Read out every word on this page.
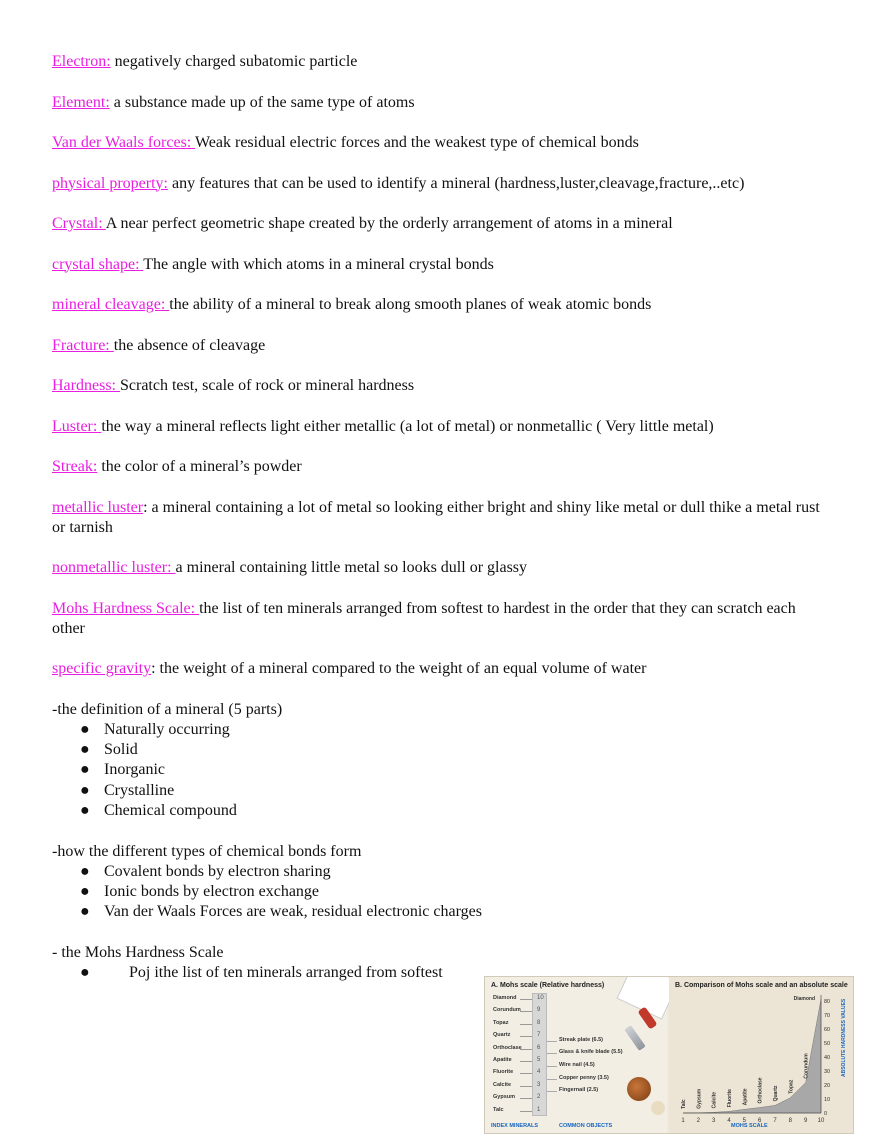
Electron: negatively charged subatomic particle

Element: a substance made up of the same type of atoms

Van der Waals forces: Weak residual electric forces and the weakest type of chemical bonds

physical property: any features that can be used to identify a mineral (hardness,luster,cleavage,fracture,..etc)

Crystal: A near perfect geometric shape created by the orderly arrangement of atoms in a mineral

crystal shape: The angle with which atoms in a mineral crystal bonds

mineral cleavage: the ability of a mineral to break along smooth planes of weak atomic bonds

Fracture: the absence of cleavage

Hardness: Scratch test, scale of rock or mineral hardness

Luster: the way a mineral reflects light either metallic (a lot of metal) or nonmetallic ( Very little metal)

Streak: the color of a mineral’s powder

metallic luster: a mineral containing a lot of metal so looking either bright and shiny like metal or dull thike a metal rust or tarnish

nonmetallic luster: a mineral containing little metal so looks dull or glassy

Mohs Hardness Scale: the list of ten minerals arranged from softest to hardest in the order that they can scratch each other

specific gravity: the weight of a mineral compared to the weight of an equal volume of water

-the definition of a mineral (5 parts)

● Naturally occurring
● Solid
● Inorganic
● Crystalline
● Chemical compound

-how the different types of chemical bonds form

● Covalent bonds by electron sharing
● Ionic bonds by electron exchange
● Van der Waals Forces are weak, residual electronic charges

- the Mohs Hardness Scale

● Poj ithe list of ten minerals arranged from softest
A. Mohs scale (Relative hardness)
Diamond	10
Corundum	9
Topaz	8
Quartz	7
Orthoclase	6
Apatite	5
Fluorite	4
Calcite	3
Gypsum	2
Talc	1
Streak plate (6.5)
Glass & knife blade (5.5)
Wire nail (4.5)
Copper penny (3.5)
Fingernail (2.5)
INDEX MINERALS	COMMON OBJECTS
B. Comparison of Mohs scale and an absolute scale
1 2 3 4 5 6 7 8 9 10
80
70
60
50
40
30
20
10
0
ABSOLUTE HARDNESS VALUES
Talc Gypsum Calcite Fluorite Apatite Orthoclase Quartz Topaz
Corundum
Diamond
MOHS SCALE
